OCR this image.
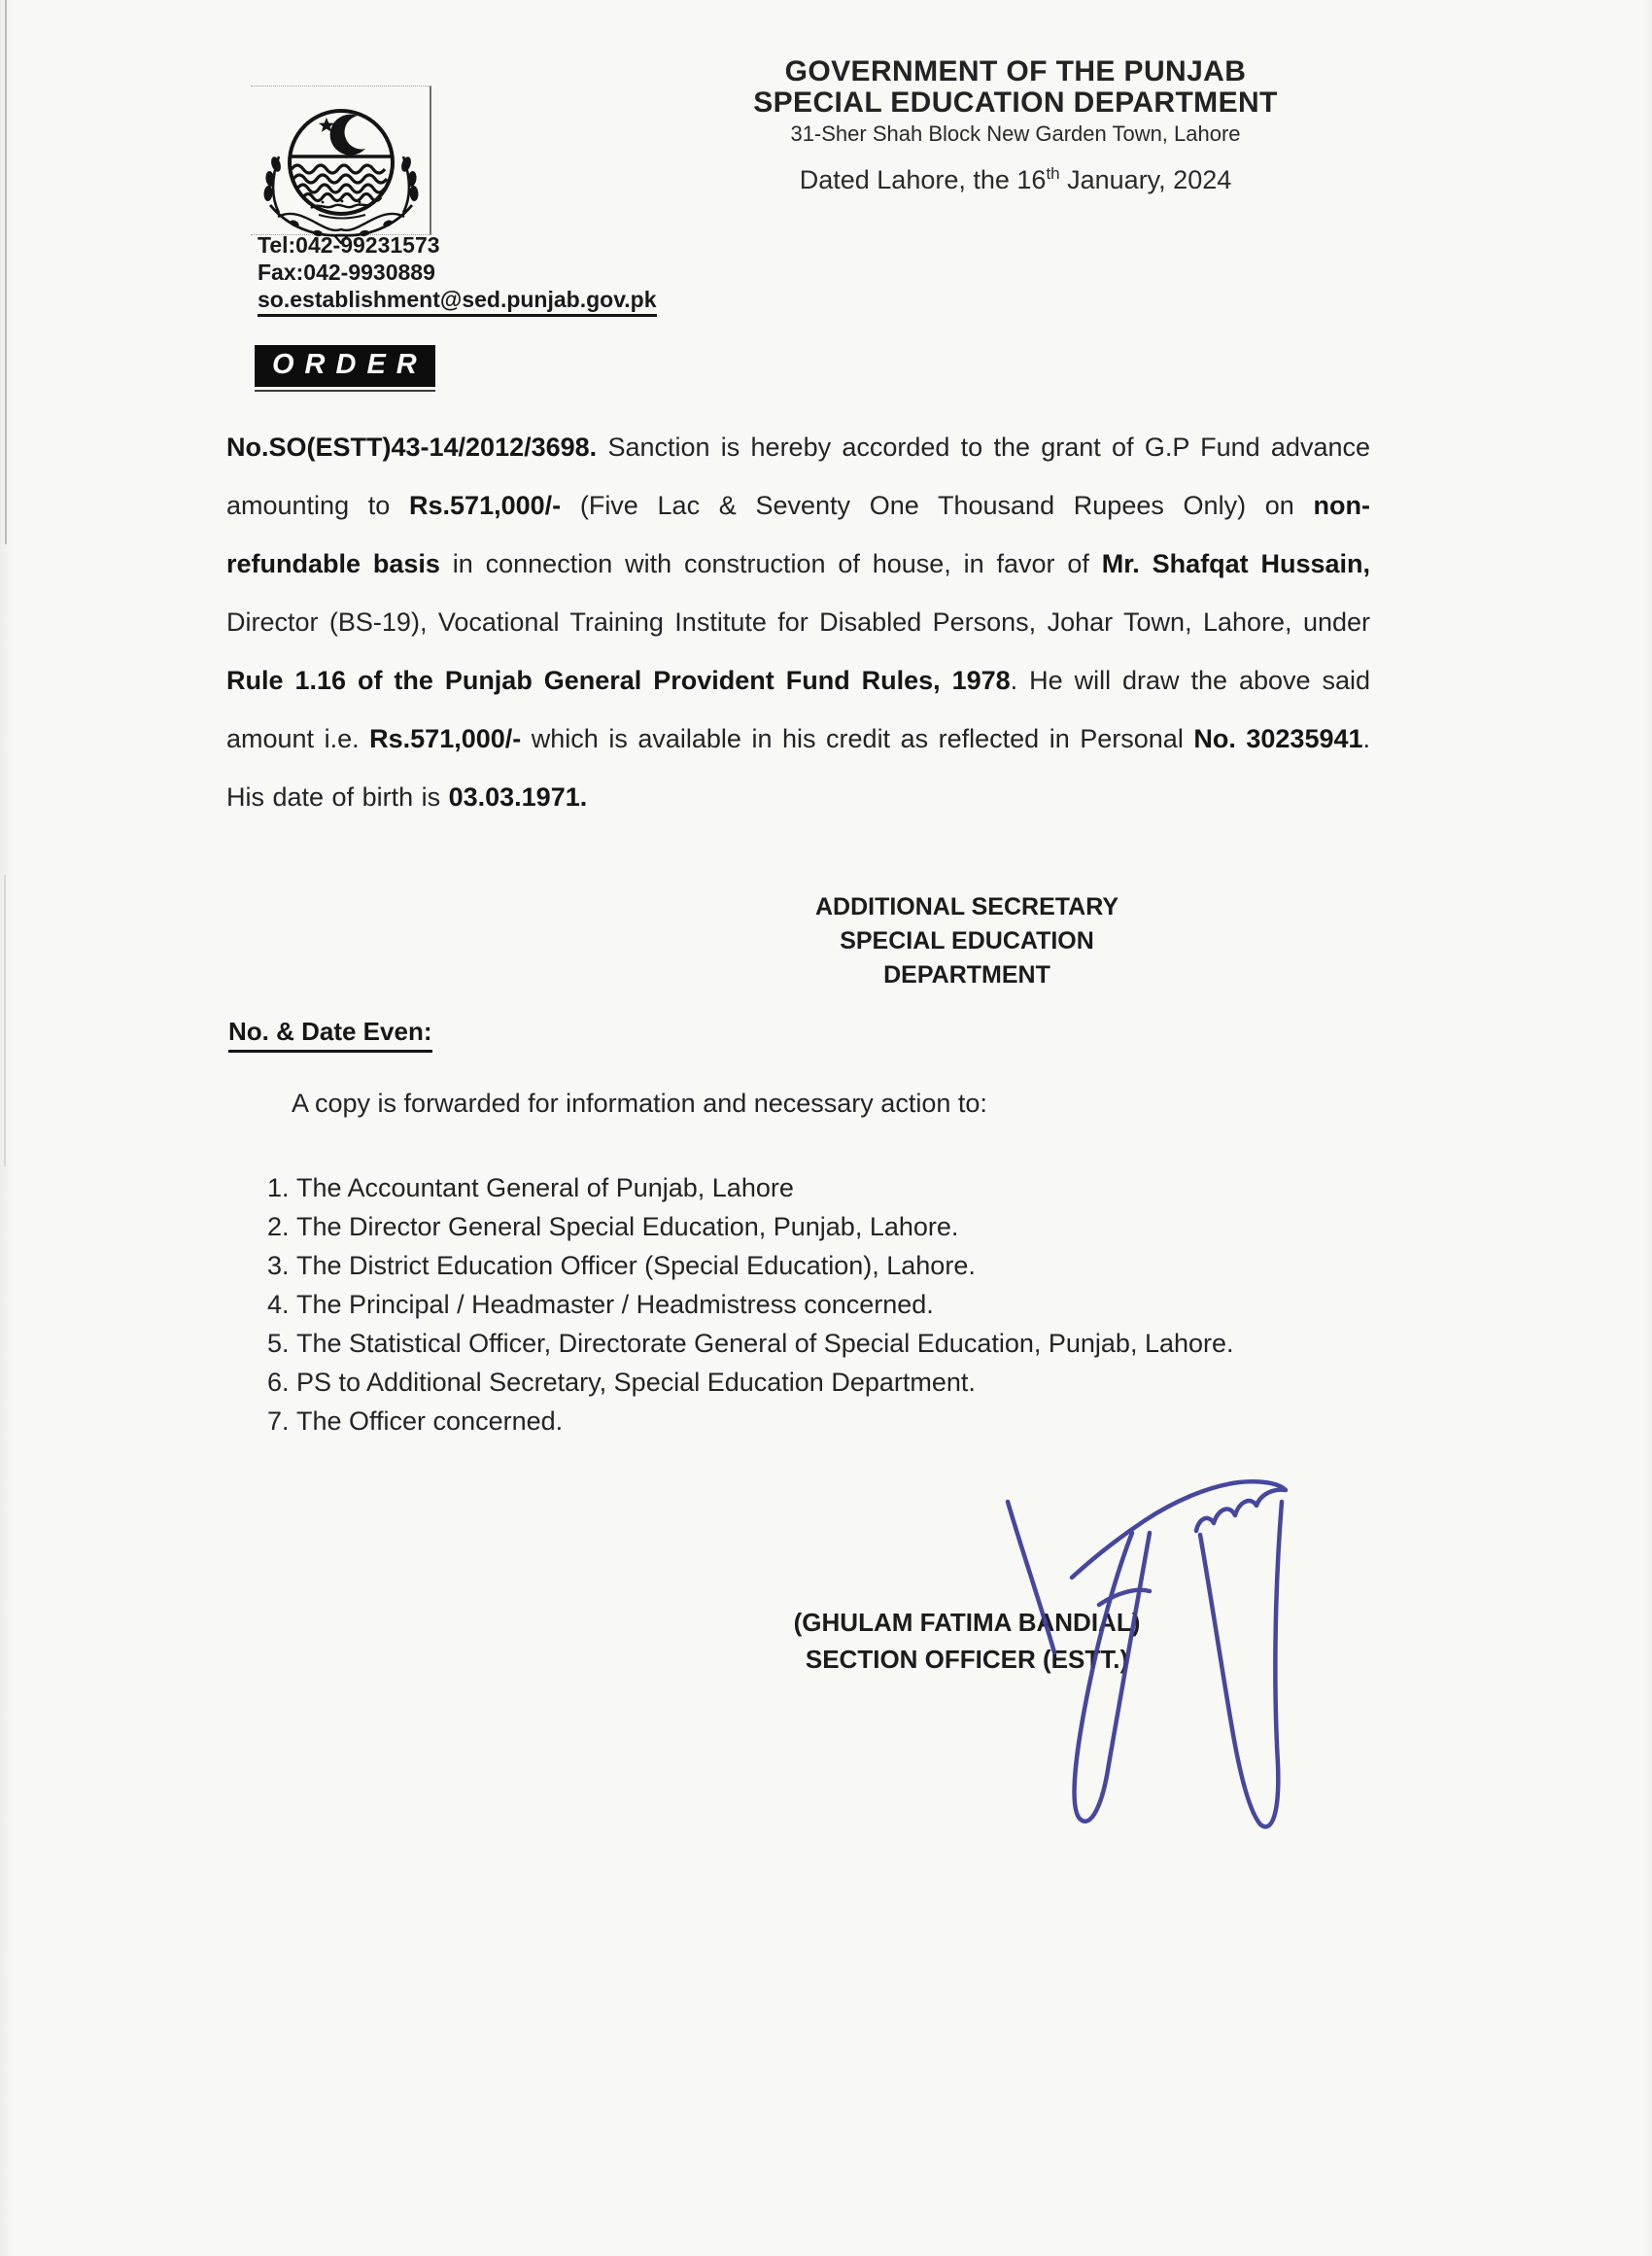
GOVERNMENT OF THE PUNJAB
SPECIAL EDUCATION DEPARTMENT
31-Sher Shah Block New Garden Town, Lahore
Dated Lahore, the 16th January, 2024
Tel:042-99231573
Fax:042-9930889
so.establishment@sed.punjab.gov.pk
ORDER
No.SO(ESTT)43-14/2012/3698. Sanction is hereby accorded to the grant of G.P Fund advance amounting to Rs.571,000/- (Five Lac & Seventy One Thousand Rupees Only) on non-refundable basis in connection with construction of house, in favor of Mr. Shafqat Hussain, Director (BS-19), Vocational Training Institute for Disabled Persons, Johar Town, Lahore, under Rule 1.16 of the Punjab General Provident Fund Rules, 1978. He will draw the above said amount i.e. Rs.571,000/- which is available in his credit as reflected in Personal No. 30235941. His date of birth is 03.03.1971.
ADDITIONAL SECRETARY
SPECIAL EDUCATION
DEPARTMENT
No. & Date Even:
A copy is forwarded for information and necessary action to:
1. The Accountant General of Punjab, Lahore
2. The Director General Special Education, Punjab, Lahore.
3. The District Education Officer (Special Education), Lahore.
4. The Principal / Headmaster / Headmistress concerned.
5. The Statistical Officer, Directorate General of Special Education, Punjab, Lahore.
6. PS to Additional Secretary, Special Education Department.
7. The Officer concerned.
(GHULAM FATIMA BANDIAL)
SECTION OFFICER (ESTT.)
